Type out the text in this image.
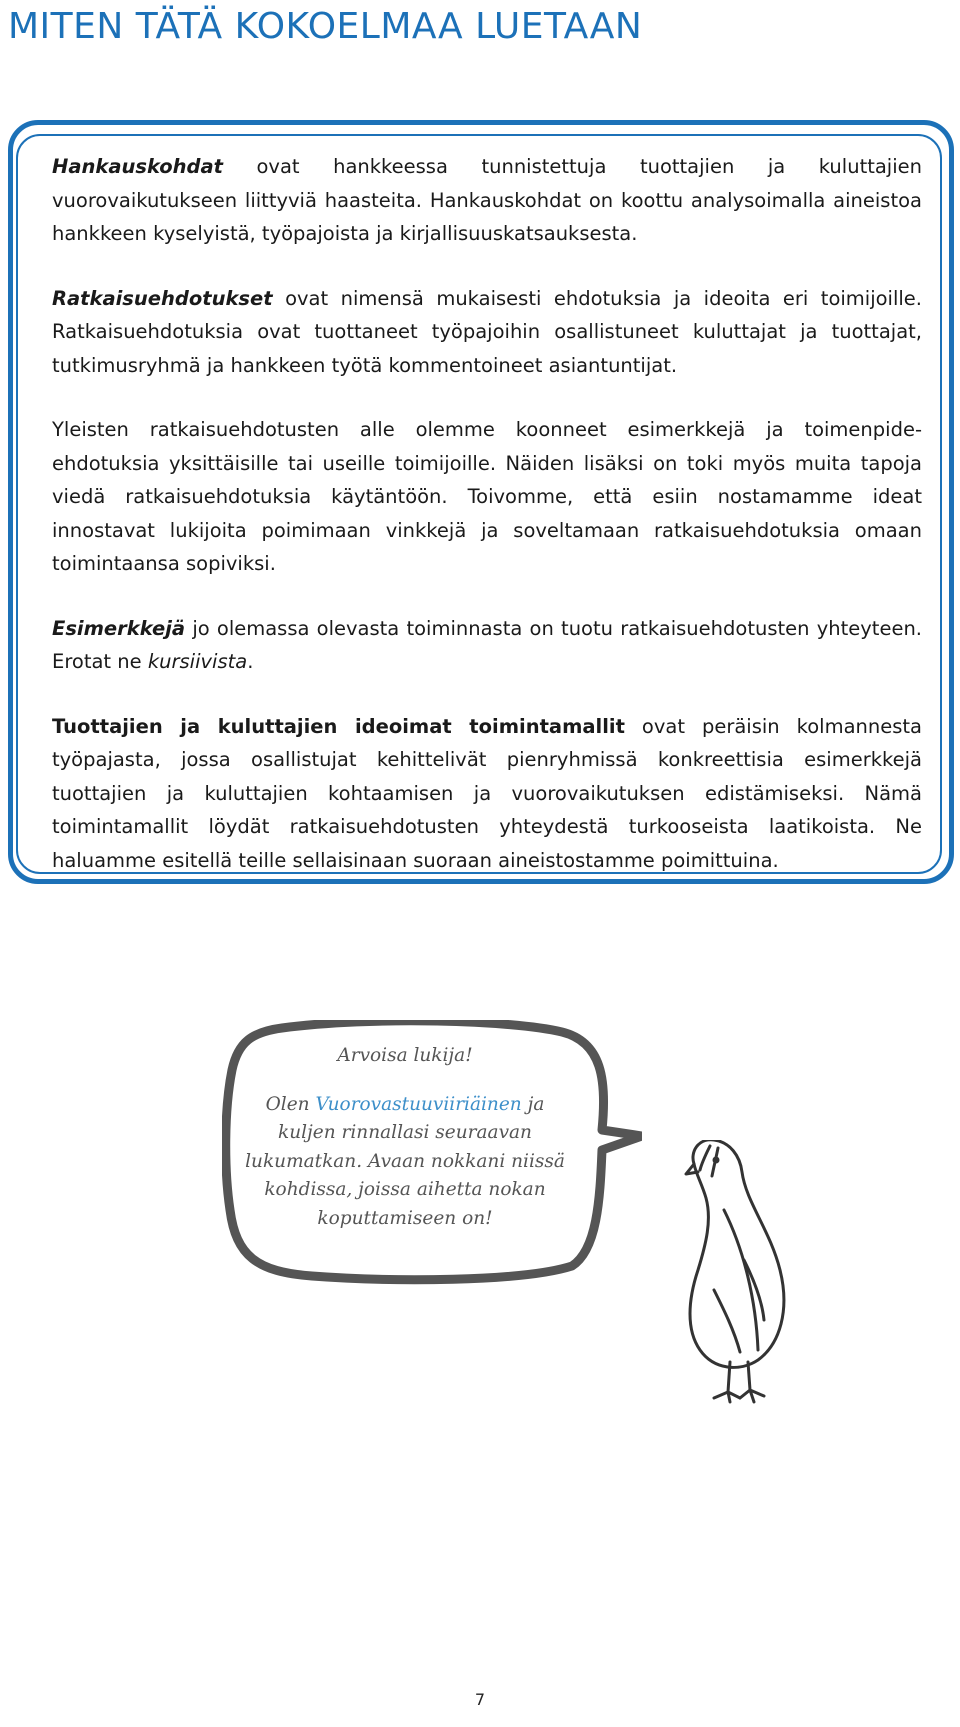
MITEN TÄTÄ KOKOELMAA LUETAAN

Hankauskohdat ovat hankkeessa tunnistettuja tuottajien ja kuluttajien vuorovaikutukseen liittyviä haasteita. Hankauskohdat on koottu analysoimalla aineistoa hankkeen kyselyistä, työpajoista ja kirjallisuuskatsauksesta.

Ratkaisuehdotukset ovat nimensä mukaisesti ehdotuksia ja ideoita eri toimijoille. Ratkaisuehdotuksia ovat tuottaneet työpajoihin osallistuneet kuluttajat ja tuottajat, tutkimusryhmä ja hankkeen työtä kommentoineet asiantuntijat.

Yleisten ratkaisuehdotusten alle olemme koonneet esimerkkejä ja toimenpide-ehdotuksia yksittäisille tai useille toimijoille. Näiden lisäksi on toki myös muita tapoja viedä ratkaisuehdotuksia käytäntöön. Toivomme, että esiin nostamamme ideat innostavat lukijoita poimimaan vinkkejä ja soveltamaan ratkaisuehdotuksia omaan toimintaansa sopiviksi.

Esimerkkejä jo olemassa olevasta toiminnasta on tuotu ratkaisuehdotusten yhteyteen. Erotat ne kursiivista.

Tuottajien ja kuluttajien ideoimat toimintamallit ovat peräisin kolmannesta työpajasta, jossa osallistujat kehittelivät pienryhmissä konkreettisia esimerkkejä tuottajien ja kuluttajien kohtaamisen ja vuorovaikutuksen edistämiseksi. Nämä toimintamallit löydät ratkaisuehdotusten yhteydestä turkooseista laatikoista. Ne haluamme esitellä teille sellaisinaan suoraan aineistostamme poimittuina.

Arvoisa lukija!
Olen Vuorovastuuviiriäinen ja kuljen rinnallasi seuraavan lukumatkan. Avaan nokkani niissä kohdissa, joissa aihetta nokan koputtamiseen on!
7
